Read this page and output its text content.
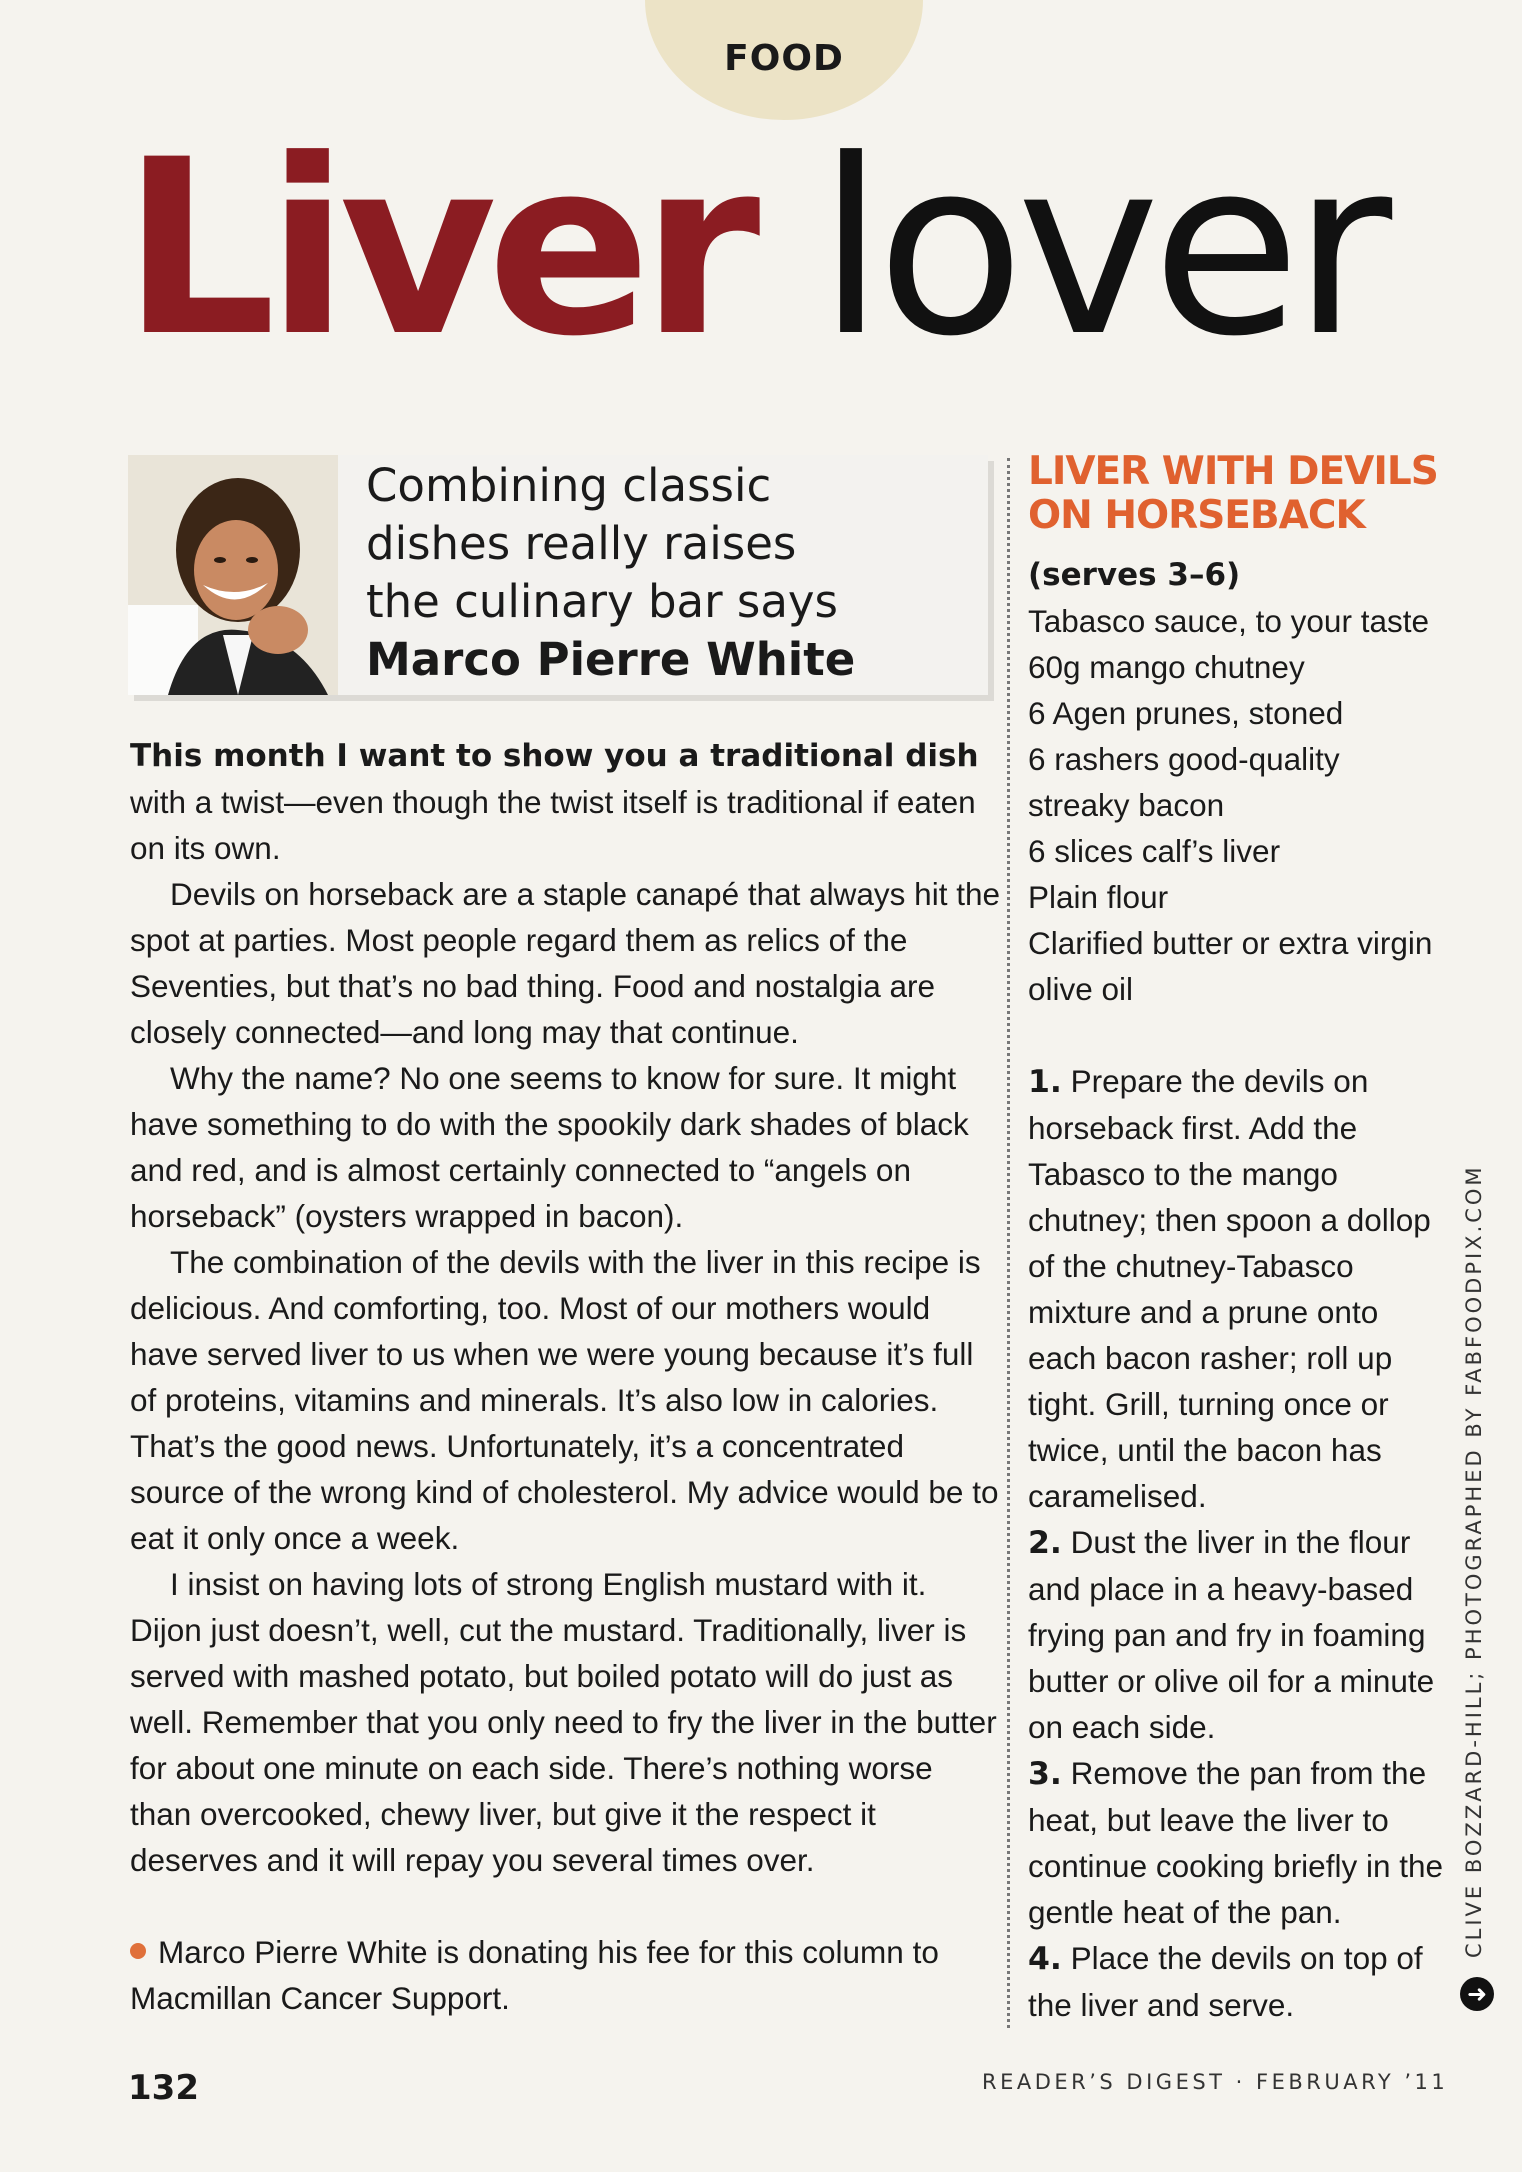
FOOD
Liver lover
Combining classic
dishes really raises
the culinary bar says
Marco Pierre White

This month I want to show you a traditional dish with a twist—even though the twist itself is traditional if eaten on its own.

Devils on horseback are a staple canapé that always hit the spot at parties. Most people regard them as relics of the Seventies, but that’s no bad thing. Food and nostalgia are closely connected—and long may that continue.

Why the name? No one seems to know for sure. It might have something to do with the spookily dark shades of black and red, and is almost certainly connected to “angels on horseback” (oysters wrapped in bacon).

The combination of the devils with the liver in this recipe is delicious. And comforting, too. Most of our mothers would have served liver to us when we were young because it’s full of proteins, vitamins and minerals. It’s also low in calories. That’s the good news. Unfortunately, it’s a concentrated source of the wrong kind of cholesterol. My advice would be to eat it only once a week.

I insist on having lots of strong English mustard with it. Dijon just doesn’t, well, cut the mustard. Traditionally, liver is served with mashed potato, but boiled potato will do just as well. Remember that you only need to fry the liver in the butter for about one minute on each side. There’s nothing worse than overcooked, chewy liver, but give it the respect it deserves and it will repay you several times over.

Marco Pierre White is donating his fee for this column to Macmillan Cancer Support.

LIVER WITH DEVILS ON HORSEBACK

(serves 3–6)

Tabasco sauce, to your taste
60g mango chutney
6 Agen prunes, stoned
6 rashers good-quality streaky bacon
6 slices calf’s liver
Plain flour
Clarified butter or extra virgin olive oil
1. Prepare the devils on horseback first. Add the Tabasco to the mango chutney; then spoon a dollop of the chutney-Tabasco mixture and a prune onto each bacon rasher; roll up tight. Grill, turning once or twice, until the bacon has caramelised.
2. Dust the liver in the flour and place in a heavy-based frying pan and fry in foaming butter or olive oil for a minute on each side.
3. Remove the pan from the heat, but leave the liver to continue cooking briefly in the gentle heat of the pan.
4. Place the devils on top of the liver and serve.
CLIVE BOZZARD-HILL; PHOTOGRAPHED BY FABFOODPIX.COM
➜
132	READER’S DIGEST · FEBRUARY ’11
